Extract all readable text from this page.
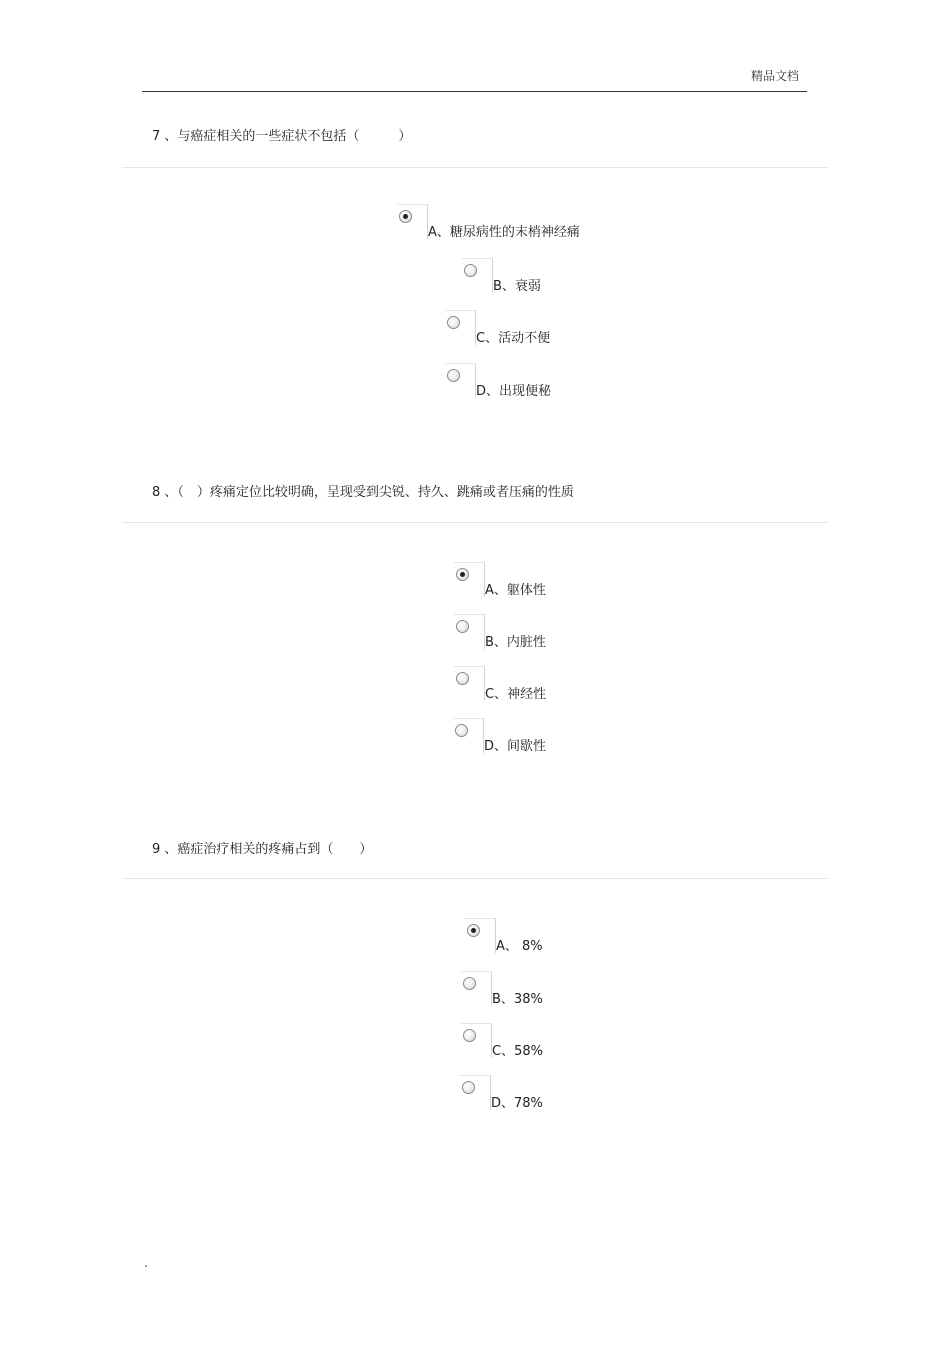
精品文档
7 、与癌症相关的一些症状不包括（　　　）
A、糖尿病性的末梢神经痛
B、衰弱
C、活动不便
D、出现便秘
8 、（　）疼痛定位比较明确，呈现受到尖锐、持久、跳痛或者压痛的性质
A、躯体性
B、内脏性
C、神经性
D、间歇性
9 、癌症治疗相关的疼痛占到（　　）
A、 8%
B、38%
C、58%
D、78%
.
